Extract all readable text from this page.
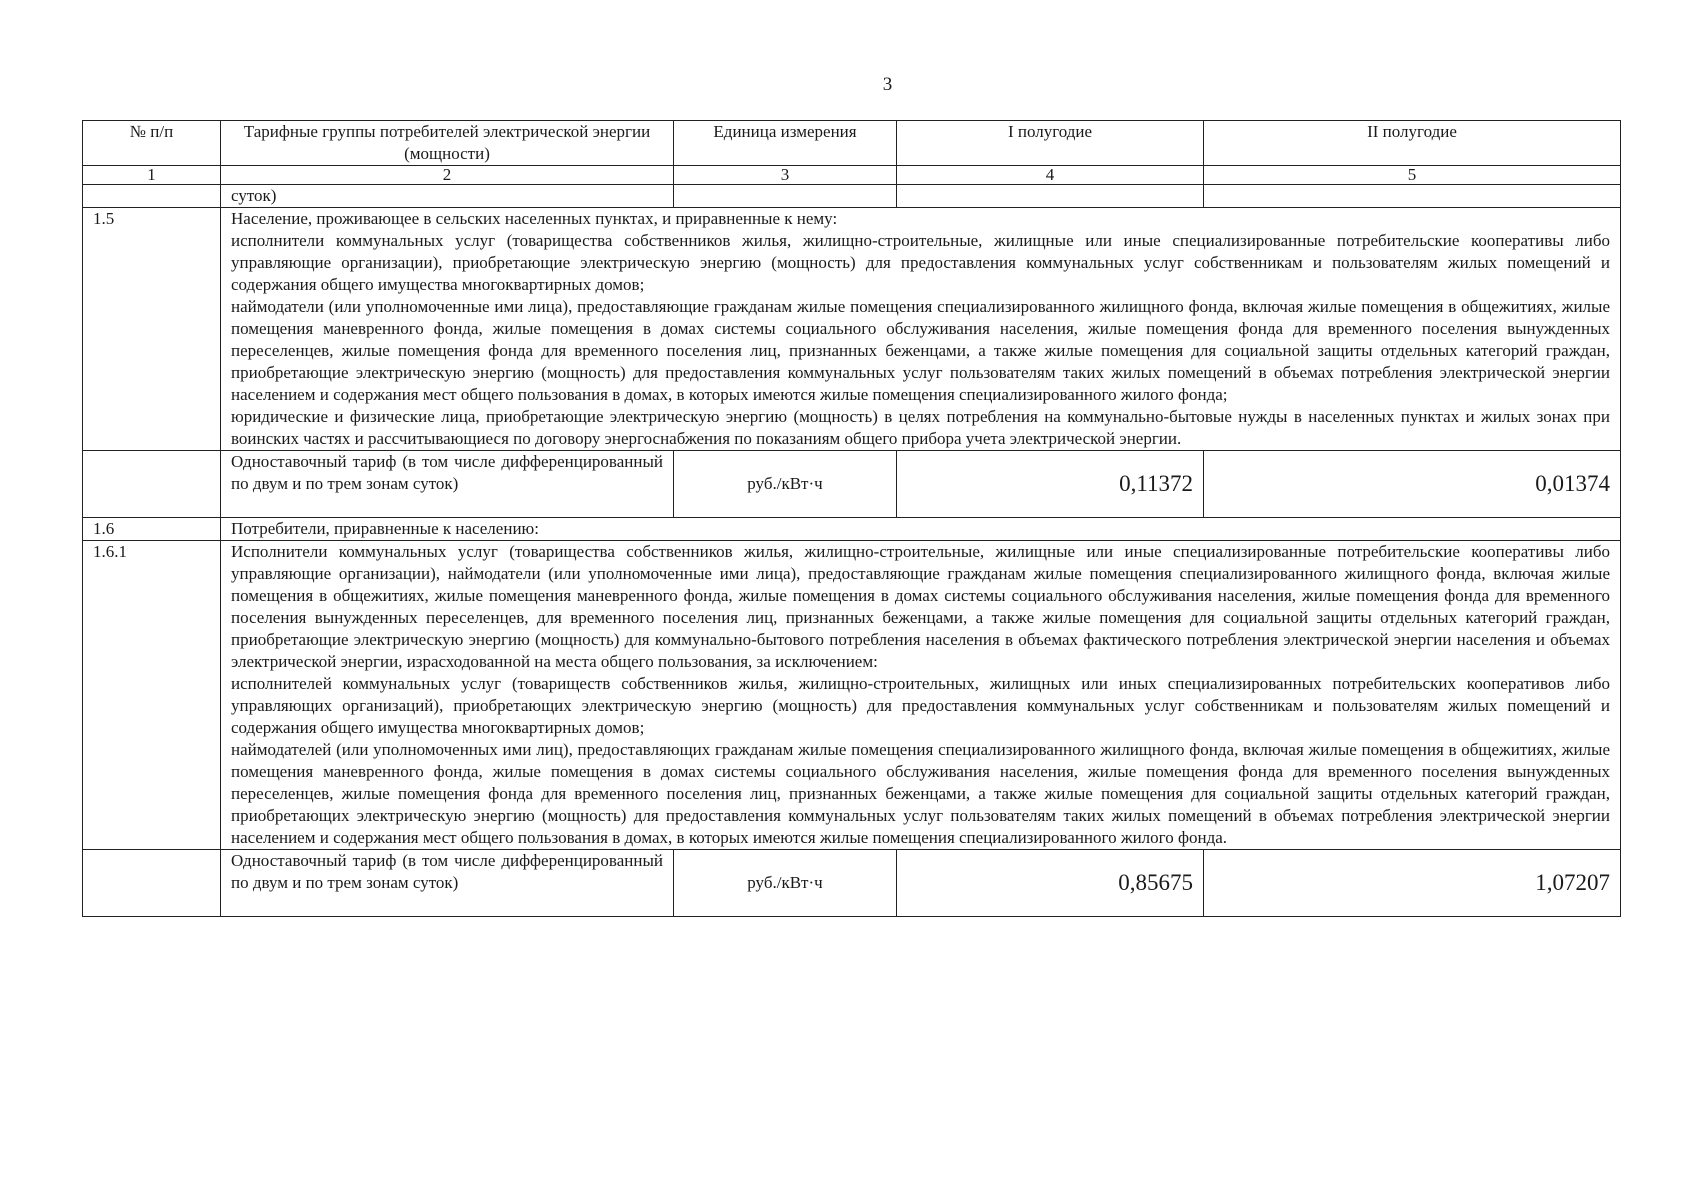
3
№ п/п	Тарифные группы потребителей электрической энергии (мощности)	Единица измерения	I полугодие	II полугодие
1	2	3	4	5
	суток)			
1.5	Население, проживающее в сельских населенных пунктах, и приравненные к нему:
исполнители коммунальных услуг (товарищества собственников жилья, жилищно-строительные, жилищные или иные специализированные потребительские кооперативы либо управляющие организации), приобретающие электрическую энергию (мощность) для предоставления коммунальных услуг собственникам и пользователям жилых помещений и содержания общего имущества многоквартирных домов;
наймодатели (или уполномоченные ими лица), предоставляющие гражданам жилые помещения специализированного жилищного фонда, включая жилые помещения в общежитиях, жилые помещения маневренного фонда, жилые помещения в домах системы социального обслуживания населения, жилые помещения фонда для временного поселения вынужденных переселенцев, жилые помещения фонда для временного поселения лиц, признанных беженцами, а также жилые помещения для социальной защиты отдельных категорий граждан, приобретающие электрическую энергию (мощность) для предоставления коммунальных услуг пользователям таких жилых помещений в объемах потребления электрической энергии населением и содержания мест общего пользования в домах, в которых имеются жилые помещения специализированного жилого фонда;
юридические и физические лица, приобретающие электрическую энергию (мощность) в целях потребления на коммунально-бытовые нужды в населенных пунктах и жилых зонах при воинских частях и рассчитывающиеся по договору энергоснабжения по показаниям общего прибора учета электрической энергии.			

	Одноставочный тариф (в том числе дифференцированный по двум и по трем зонам суток)	руб./кВт·ч	0,11372	0,01374
1.6	Потребители, приравненные к населению:			
1.6.1	Исполнители коммунальных услуг (товарищества собственников жилья, жилищно-строительные, жилищные или иные специализированные потребительские кооперативы либо управляющие организации), наймодатели (или уполномоченные ими лица), предоставляющие гражданам жилые помещения специализированного жилищного фонда, включая жилые помещения в общежитиях, жилые помещения маневренного фонда, жилые помещения в домах системы социального обслуживания населения, жилые помещения фонда для временного поселения вынужденных переселенцев, для временного поселения лиц, признанных беженцами, а также жилые помещения для социальной защиты отдельных категорий граждан, приобретающие электрическую энергию (мощность) для коммунально-бытового потребления населения в объемах фактического потребления электрической энергии населения и объемах электрической энергии, израсходованной на места общего пользования, за исключением:
исполнителей коммунальных услуг (товариществ собственников жилья, жилищно-строительных, жилищных или иных специализированных потребительских кооперативов либо управляющих организаций), приобретающих электрическую энергию (мощность) для предоставления коммунальных услуг собственникам и пользователям жилых помещений и содержания общего имущества многоквартирных домов;
наймодателей (или уполномоченных ими лиц), предоставляющих гражданам жилые помещения специализированного жилищного фонда, включая жилые помещения в общежитиях, жилые помещения маневренного фонда, жилые помещения в домах системы социального обслуживания населения, жилые помещения фонда для временного поселения вынужденных переселенцев, жилые помещения фонда для временного поселения лиц, признанных беженцами, а также жилые помещения для социальной защиты отдельных категорий граждан, приобретающих электрическую энергию (мощность) для предоставления коммунальных услуг пользователям таких жилых помещений в объемах потребления электрической энергии населением и содержания мест общего пользования в домах, в которых имеются жилые помещения специализированного жилого фонда.			

	Одноставочный тариф (в том числе дифференцированный по двум и по трем зонам суток)	руб./кВт·ч	0,85675	1,07207
